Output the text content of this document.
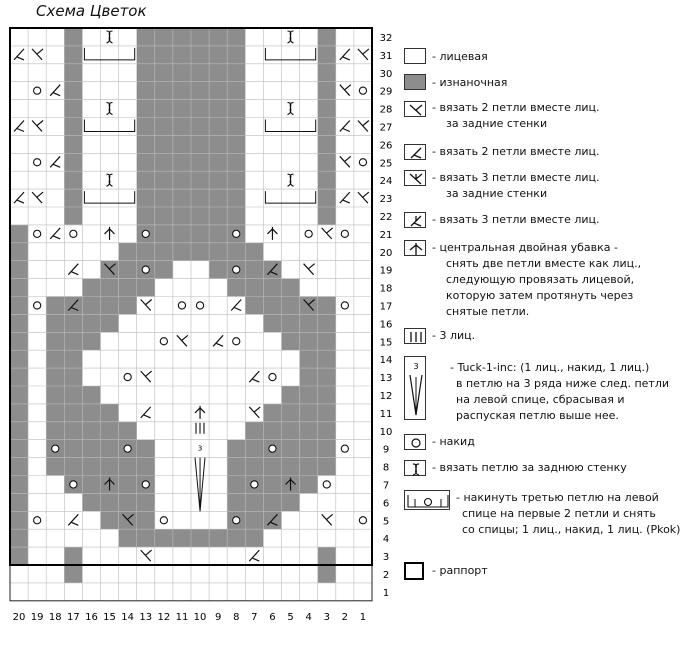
Схема Цветок
3
1
2
3
4
5
6
7
8
9
10
11
12
13
14
15
16
17
18
19
20
21
22
23
24
25
26
27
28
29
30
31
32
20 19 18 17 16 15 14 13 12 11 10 9 8 7 6 5 4 3 2 1
- лицевая
- изнаночная
- вязать 2 петли вместе лиц.
за задние стенки
- вязать 2 петли вместе лиц.
- вязать 3 петли вместе лиц.
за задние стенки
- вязать 3 петли вместе лиц.
- центральная двойная убавка -
снять две петли вместе как лиц.,
следующую провязать лицевой,
которую затем протянуть через
снятые петли.
- 3 лиц.
3	- Tuck-1-inc: (1 лиц., накид, 1 лиц.)
в петлю на 3 ряда ниже след. петли
на левой спице, сбрасывая и
распуская петлю выше нее.
- накид
- вязать петлю за заднюю стенку
- накинуть третью петлю на левой
спице на первые 2 петли и снять
со спицы; 1 лиц., накид, 1 лиц. (Pkok)
- раппорт
